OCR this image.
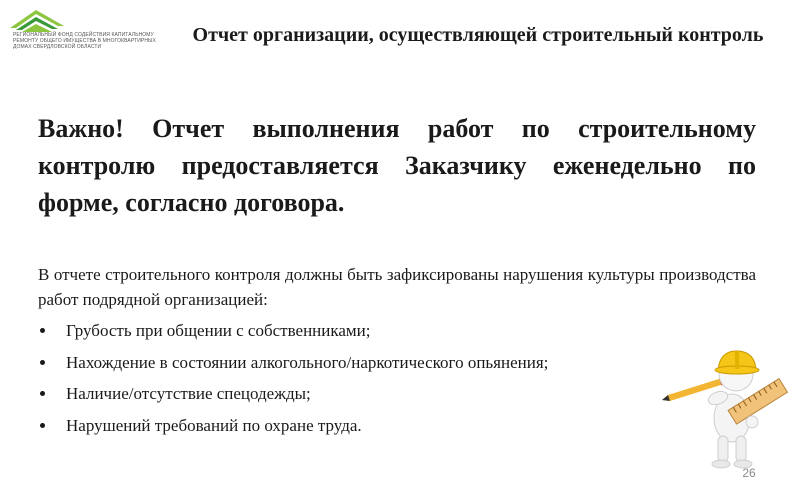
РЕГИОНАЛЬНЫЙ ФОНД СОДЕЙСТВИЯ КАПИТАЛЬНОМУ РЕМОНТУ ОБЩЕГО ИМУЩЕСТВА В МНОГОКВАРТИРНЫХ ДОМАХ СВЕРДЛОВСКОЙ ОБЛАСТИ
Отчет организации, осуществляющей строительный контроль
Важно! Отчет выполнения работ по строительному контролю предоставляется Заказчику еженедельно по форме, согласно договора.
В отчете строительного контроля должны быть зафиксированы нарушения культуры производства работ подрядной организацией:
Грубость при общении с собственниками;
Нахождение в состоянии алкогольного/наркотического опьянения;
Наличие/отсутствие спецодежды;
Нарушений требований по охране труда.
26
